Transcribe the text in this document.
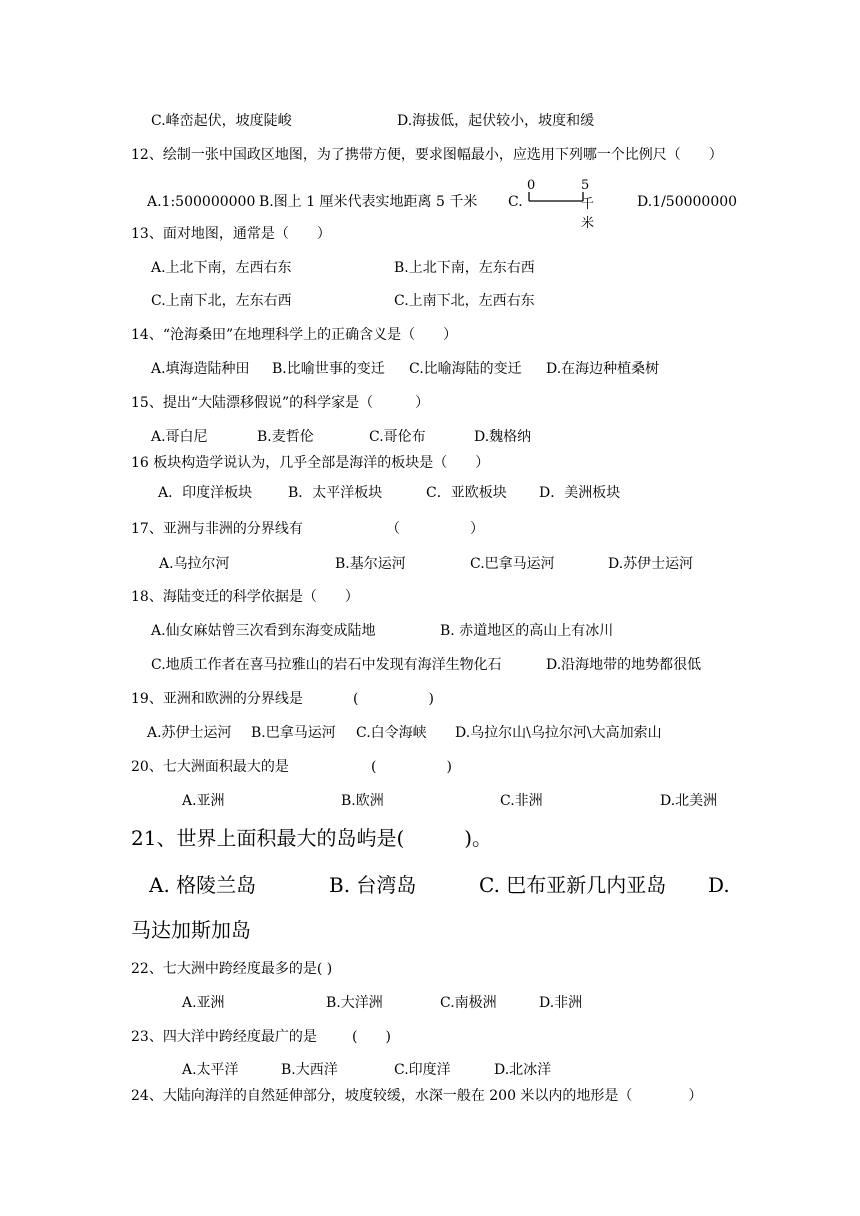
C.峰峦起伏，坡度陡峻	D.海拔低，起伏较小，坡度和缓
12、绘制一张中国政区地图，为了携带方便，要求图幅最小，应选用下列哪一个比例尺（　　）
A.1:500000000 B.图上 1 厘米代表实地距离 5 千米 C.
0	5 千米
D.1/50000000
13、面对地图，通常是（　　）
A.上北下南，左西右东	B.上北下南，左东右西
C.上南下北，左东右西	C.上南下北，左西右东
14、“沧海桑田”在地理科学上的正确含义是（　　）
A.填海造陆种田 B.比喻世事的变迁 C.比喻海陆的变迁 D.在海边种植桑树
15、提出“大陆漂移假说”的科学家是（　　　）
A.哥白尼	B.麦哲伦	C.哥伦布	D.魏格纳
16 板块构造学说认为，几乎全部是海洋的板块是（　　）
A．印度洋板块	B．太平洋板块	C．亚欧板块 D．美洲板块
17、亚洲与非洲的分界线有	（　　　　　）
A.乌拉尔河	B.基尔运河	C.巴拿马运河	D.苏伊士运河
18、海陆变迁的科学依据是（　　）
A.仙女麻姑曾三次看到东海变成陆地	B. 赤道地区的高山上有冰川
C.地质工作者在喜马拉雅山的岩石中发现有海洋生物化石	D.沿海地带的地势都很低
19、亚洲和欧洲的分界线是	(　　　　　)
A.苏伊士运河 B.巴拿马运河 C.白令海峡 D.乌拉尔山\乌拉尔河\大高加索山
20、七大洲面积最大的是	(　　　　　)
A.亚洲	B.欧洲	C.非洲	D.北美洲
21、世界上面积最大的岛屿是(　　　)。
A. 格陵兰岛	B. 台湾岛	C. 巴布亚新几内亚岛 D.
马达加斯加岛
22、七大洲中跨经度最多的是( )
A.亚洲	B.大洋洲	C.南极洲	D.非洲
23、四大洋中跨经度最广的是	(　　)
A.太平洋	B.大西洋	C.印度洋	D.北冰洋
24、大陆向海洋的自然延伸部分，坡度较缓，水深一般在 200 米以内的地形是（　　　　）
